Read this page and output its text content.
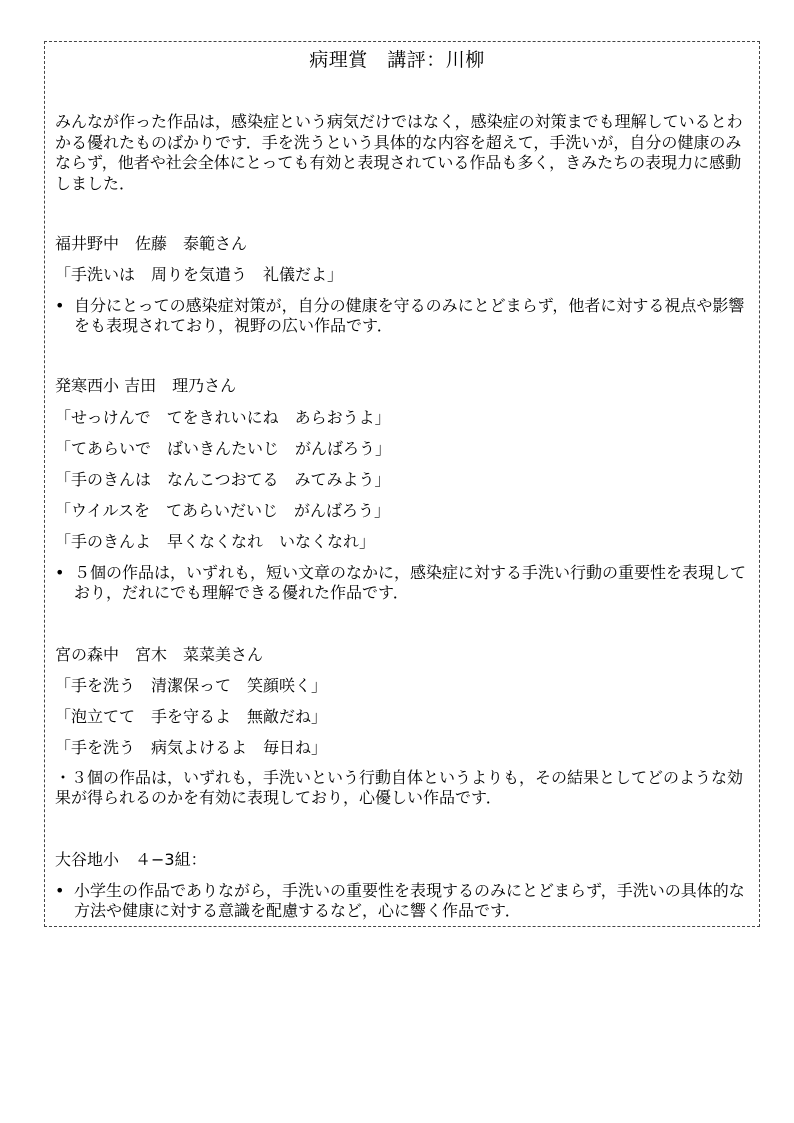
病理賞　講評：川柳
みんなが作った作品は，感染症という病気だけではなく，感染症の対策までも理解しているとわかる優れたものばかりです．手を洗うという具体的な内容を超えて，手洗いが，自分の健康のみならず，他者や社会全体にとっても有効と表現されている作品も多く，きみたちの表現力に感動しました．
福井野中　佐藤　泰範さん
「手洗いは　周りを気遣う　礼儀だよ」
• 自分にとっての感染症対策が，自分の健康を守るのみにとどまらず，他者に対する視点や影響をも表現されており，視野の広い作品です．
発寒西小 吉田　理乃さん
「せっけんで　てをきれいにね　あらおうよ」
「てあらいで　ばいきんたいじ　がんばろう」
「手のきんは　なんこつおてる　みてみよう」
「ウイルスを　てあらいだいじ　がんばろう」
「手のきんよ　早くなくなれ　いなくなれ」
• ５個の作品は，いずれも，短い文章のなかに，感染症に対する手洗い行動の重要性を表現しており，だれにでも理解できる優れた作品です．
宮の森中　宮木　菜菜美さん
「手を洗う　清潔保って　笑顔咲く」
「泡立てて　手を守るよ　無敵だね」
「手を洗う　病気よけるよ　毎日ね」
・３個の作品は，いずれも，手洗いという行動自体というよりも，その結果としてどのような効果が得られるのかを有効に表現しており，心優しい作品です．
大谷地小　４−3組：
• 小学生の作品でありながら，手洗いの重要性を表現するのみにとどまらず，手洗いの具体的な方法や健康に対する意識を配慮するなど，心に響く作品です．
